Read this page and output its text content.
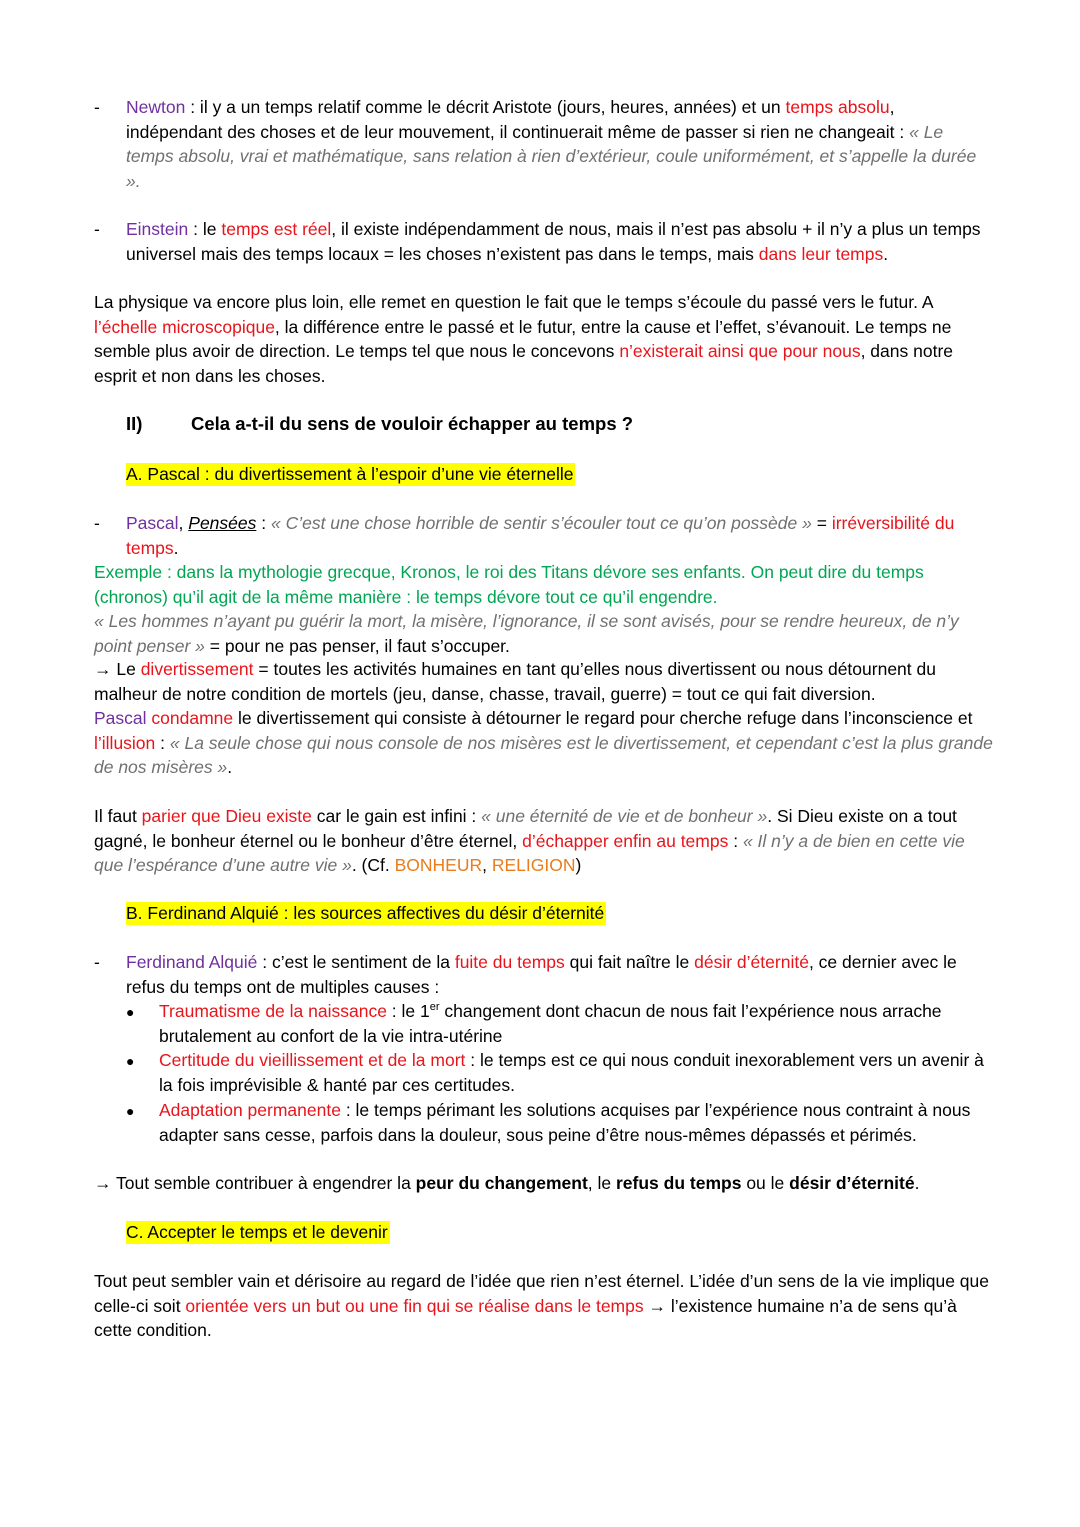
- Newton : il y a un temps relatif comme le décrit Aristote (jours, heures, années) et un temps absolu, indépendant des choses et de leur mouvement, il continuerait même de passer si rien ne changeait : « Le temps absolu, vrai et mathématique, sans relation à rien d’extérieur, coule uniformément, et s’appelle la durée ».
- Einstein : le temps est réel, il existe indépendamment de nous, mais il n’est pas absolu + il n’y a plus un temps universel mais des temps locaux = les choses n’existent pas dans le temps, mais dans leur temps.
La physique va encore plus loin, elle remet en question le fait que le temps s’écoule du passé vers le futur. A l’échelle microscopique, la différence entre le passé et le futur, entre la cause et l’effet, s’évanouit. Le temps ne semble plus avoir de direction. Le temps tel que nous le concevons n’existerait ainsi que pour nous, dans notre esprit et non dans les choses.
II)	Cela a-t-il du sens de vouloir échapper au temps ?
A. Pascal : du divertissement à l’espoir d’une vie éternelle
- Pascal, Pensées : « C’est une chose horrible de sentir s’écouler tout ce qu’on possède » = irréversibilité du temps.
Exemple : dans la mythologie grecque, Kronos, le roi des Titans dévore ses enfants. On peut dire du temps (chronos) qu’il agit de la même manière : le temps dévore tout ce qu’il engendre.
« Les hommes n’ayant pu guérir la mort, la misère, l’ignorance, il se sont avisés, pour se rendre heureux, de n’y point penser » = pour ne pas penser, il faut s’occuper.
→ Le divertissement = toutes les activités humaines en tant qu’elles nous divertissent ou nous détournent du malheur de notre condition de mortels (jeu, danse, chasse, travail, guerre) = tout ce qui fait diversion.
Pascal condamne le divertissement qui consiste à détourner le regard pour cherche refuge dans l’inconscience et l’illusion : « La seule chose qui nous console de nos misères est le divertissement, et cependant c’est la plus grande de nos misères ».
Il faut parier que Dieu existe car le gain est infini : « une éternité de vie et de bonheur ». Si Dieu existe on a tout gagné, le bonheur éternel ou le bonheur d’être éternel, d’échapper enfin au temps : « Il n’y a de bien en cette vie que l’espérance d’une autre vie ». (Cf. BONHEUR, RELIGION)
B. Ferdinand Alquié : les sources affectives du désir d’éternité
- Ferdinand Alquié : c’est le sentiment de la fuite du temps qui fait naître le désir d’éternité, ce dernier avec le refus du temps ont de multiples causes :
● Traumatisme de la naissance : le 1er changement dont chacun de nous fait l’expérience nous arrache brutalement au confort de la vie intra-utérine
● Certitude du vieillissement et de la mort : le temps est ce qui nous conduit inexorablement vers un avenir à la fois imprévisible & hanté par ces certitudes.
● Adaptation permanente : le temps périmant les solutions acquises par l’expérience nous contraint à nous adapter sans cesse, parfois dans la douleur, sous peine d’être nous-mêmes dépassés et périmés.
→ Tout semble contribuer à engendrer la peur du changement, le refus du temps ou le désir d’éternité.
C. Accepter le temps et le devenir
Tout peut sembler vain et dérisoire au regard de l’idée que rien n’est éternel. L’idée d’un sens de la vie implique que celle-ci soit orientée vers un but ou une fin qui se réalise dans le temps → l’existence humaine n’a de sens qu’à cette condition.
